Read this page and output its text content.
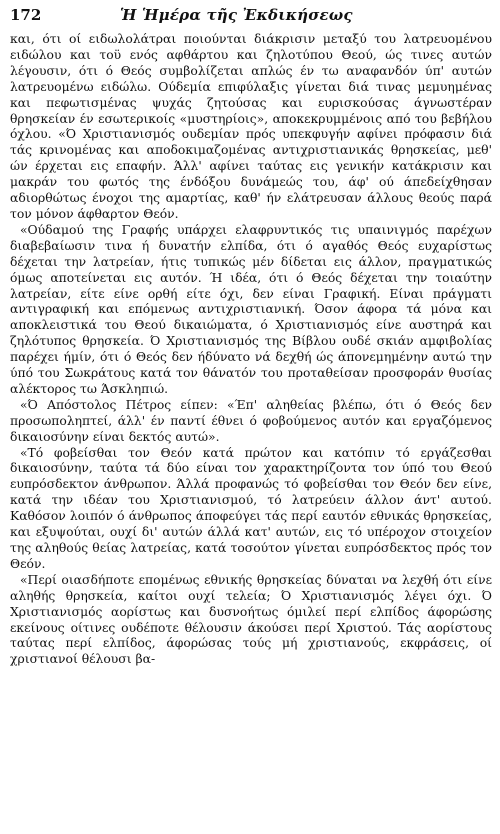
172	Ἡ Ἡμέρα τῆς Ἐκδικήσεως

και, ότι οί ειδωλολάτραι ποιούνται διάκρισιν μεταξύ του λατρευομένου ειδώλου και τοϋ ενός αφθάρτου και ζηλοτύπου Θεού, ώς τινες αυτών λέγουσιν, ότι ό Θεός συμβολίζεται απλώς έν τω αναφανδόν ύπ' αυτών λατρευομένω ειδώλω. Ούδεμία επιφύλαξις γίνεται διά τινας μεμυημένας και πεφωτισμένας ψυχάς ζητούσας και ευρισκούσας άγνωστέραν θρησκείαν έν εσωτερικοίς «μυστηρίοις», αποκεκρυμμένοις από του βεβήλου όχλου. «Ό Χριστιανισμός ουδεμίαν πρός υπεκφυγήν αφίνει πρόφασιν διά τάς κρινομένας και αποδοκιμαζομένας αντιχριστιανικάς θρησκείας, μεθ' ών έρχεται εις επαφήν. Άλλ' αφίνει ταύτας εις γενικήν κατάκρισιν και μακράν του φωτός της ένδόξου δυνάμεώς του, άφ' ού άπεδείχθησαν αδιορθώτως ένοχοι της αμαρτίας, καθ' ήν ελάτρευσαν άλλους θεούς παρά τον μόνον άφθαρτον Θεόν.

«Ούδαμού της Γραφής υπάρχει ελαφρυντικός τις υπαινιγμός παρέχων διαβεβαίωσιν τινα ή δυνατήν ελπίδα, ότι ό αγαθός Θεός ευχαρίστως δέχεται την λατρείαν, ήτις τυπικώς μέν δίδεται εις άλλον, πραγματικώς όμως αποτείνεται εις αυτόν. Ή ιδέα, ότι ό Θεός δέχεται την τοιαύτην λατρείαν, είτε είνε ορθή είτε όχι, δεν είναι Γραφική. Είναι πράγματι αντιγραφική και επόμενως αντιχριστιανική. Όσον άφορα τά μόνα και αποκλειστικά του Θεού δικαιώματα, ό Χριστιανισμός είνε αυστηρά και ζηλότυπος θρησκεία. Ό Χριστιανισμός της Βίβλου ουδέ σκιάν αμφιβολίας παρέχει ήμίν, ότι ό Θεός δεν ήδύνατο νά δεχθή ώς άπονεμημένην αυτώ την ύπό του Σωκράτους κατά τον θάνατόν του προταθείσαν προσφοράν θυσίας αλέκτορος τω Άσκληπιώ.

«Ό Απόστολος Πέτρος είπεν: «Έπ' αληθείας βλέπω, ότι ό Θεός δεν προσωποληπτεί, άλλ' έν παντί έθνει ό φοβούμενος αυτόν και εργαζόμενος δικαιοσύνην είναι δεκτός αυτώ».

«Τό φοβείσθαι τον Θεόν κατά πρώτον και κατόπιν τό εργάζεσθαι δικαιοσύνην, ταύτα τά δύο είναι τον χαρακτηρίζοντα τον ύπό του Θεού ευπρόσδεκτον άνθρωπον. Άλλά προφανώς τό φοβείσθαι τον Θεόν δεν είνε, κατά την ιδέαν του Χριστιανισμού, τό λατρεύειν άλλον άντ' αυτού. Καθόσον λοιπόν ό άνθρωπος άποφεύγει τάς περί εαυτόν εθνικάς θρησκείας, και εξυψούται, ουχί δι' αυτών άλλά κατ' αυτών, εις τό υπέροχον στοιχείον της αληθούς θείας λατρείας, κατά τοσούτον γίνεται ευπρόσδεκτος πρός τον Θεόν.

«Περί οιασδήποτε επομένως εθνικής θρησκείας δύναται να λεχθή ότι είνε αληθής θρησκεία, καίτοι ουχί τελεία; Ό Χριστιανισμός λέγει όχι. Ό Χριστιανισμός αορίστως και δυσνοήτως όμιλεί περί ελπίδος άφορώσης εκείνους οίτινες ουδέποτε θέλουσιν άκούσει περί Χριστού. Τάς αορίστους ταύτας περί ελπίδος, άφορώσας τούς μή χριστιανούς, εκφράσεις, οί χριστιανοί θέλουσι βα-
